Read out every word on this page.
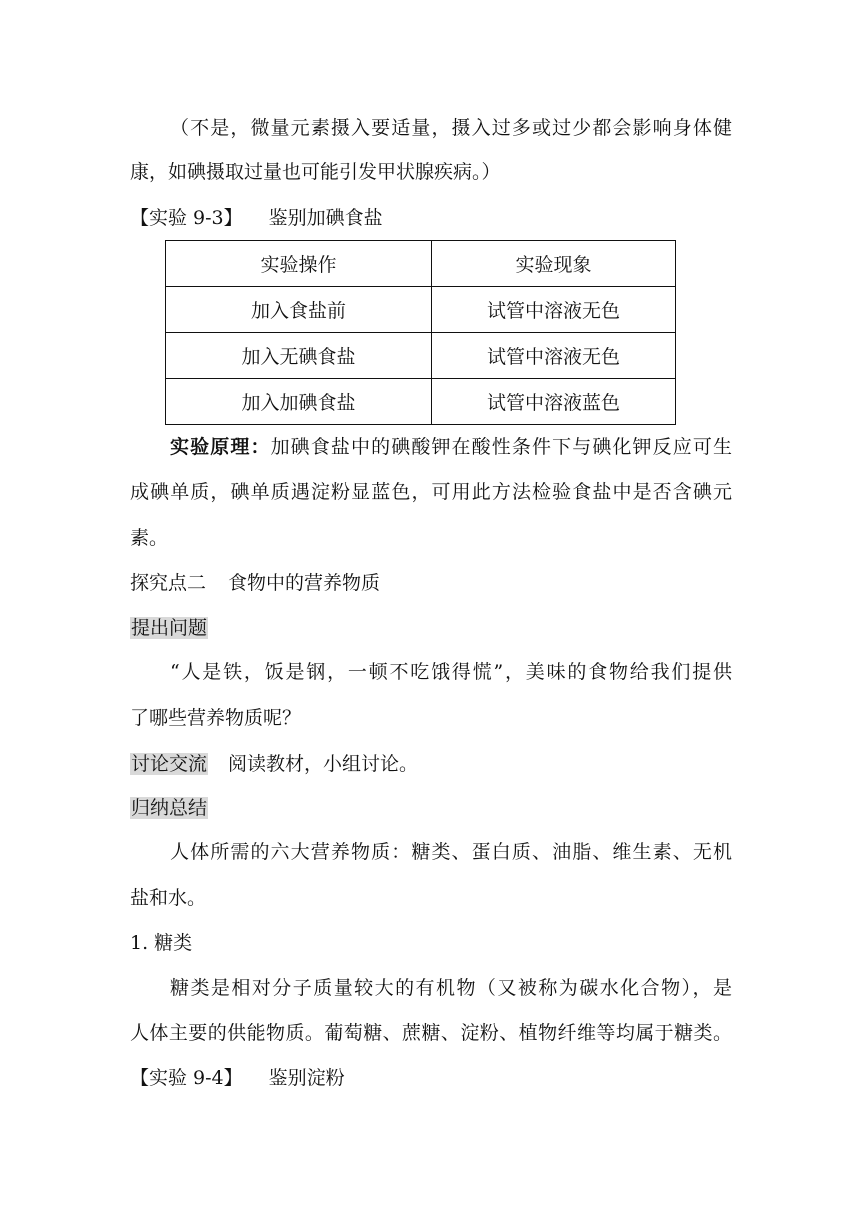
（不是，微量元素摄入要适量，摄入过多或过少都会影响身体健
康，如碘摄取过量也可能引发甲状腺疾病。）
【实验 9-3】 鉴别加碘食盐
实验操作	实验现象
加入食盐前	试管中溶液无色
加入无碘食盐	试管中溶液无色
加入加碘食盐	试管中溶液蓝色
实验原理：加碘食盐中的碘酸钾在酸性条件下与碘化钾反应可生
成碘单质，碘单质遇淀粉显蓝色，可用此方法检验食盐中是否含碘元
素。
探究点二 食物中的营养物质
提出问题
“人是铁，饭是钢，一顿不吃饿得慌”，美味的食物给我们提供
了哪些营养物质呢？
讨论交流 阅读教材，小组讨论。
归纳总结
人体所需的六大营养物质：糖类、蛋白质、油脂、维生素、无机
盐和水。
1. 糖类
糖类是相对分子质量较大的有机物（又被称为碳水化合物），是
人体主要的供能物质。葡萄糖、蔗糖、淀粉、植物纤维等均属于糖类。
【实验 9-4】 鉴别淀粉
